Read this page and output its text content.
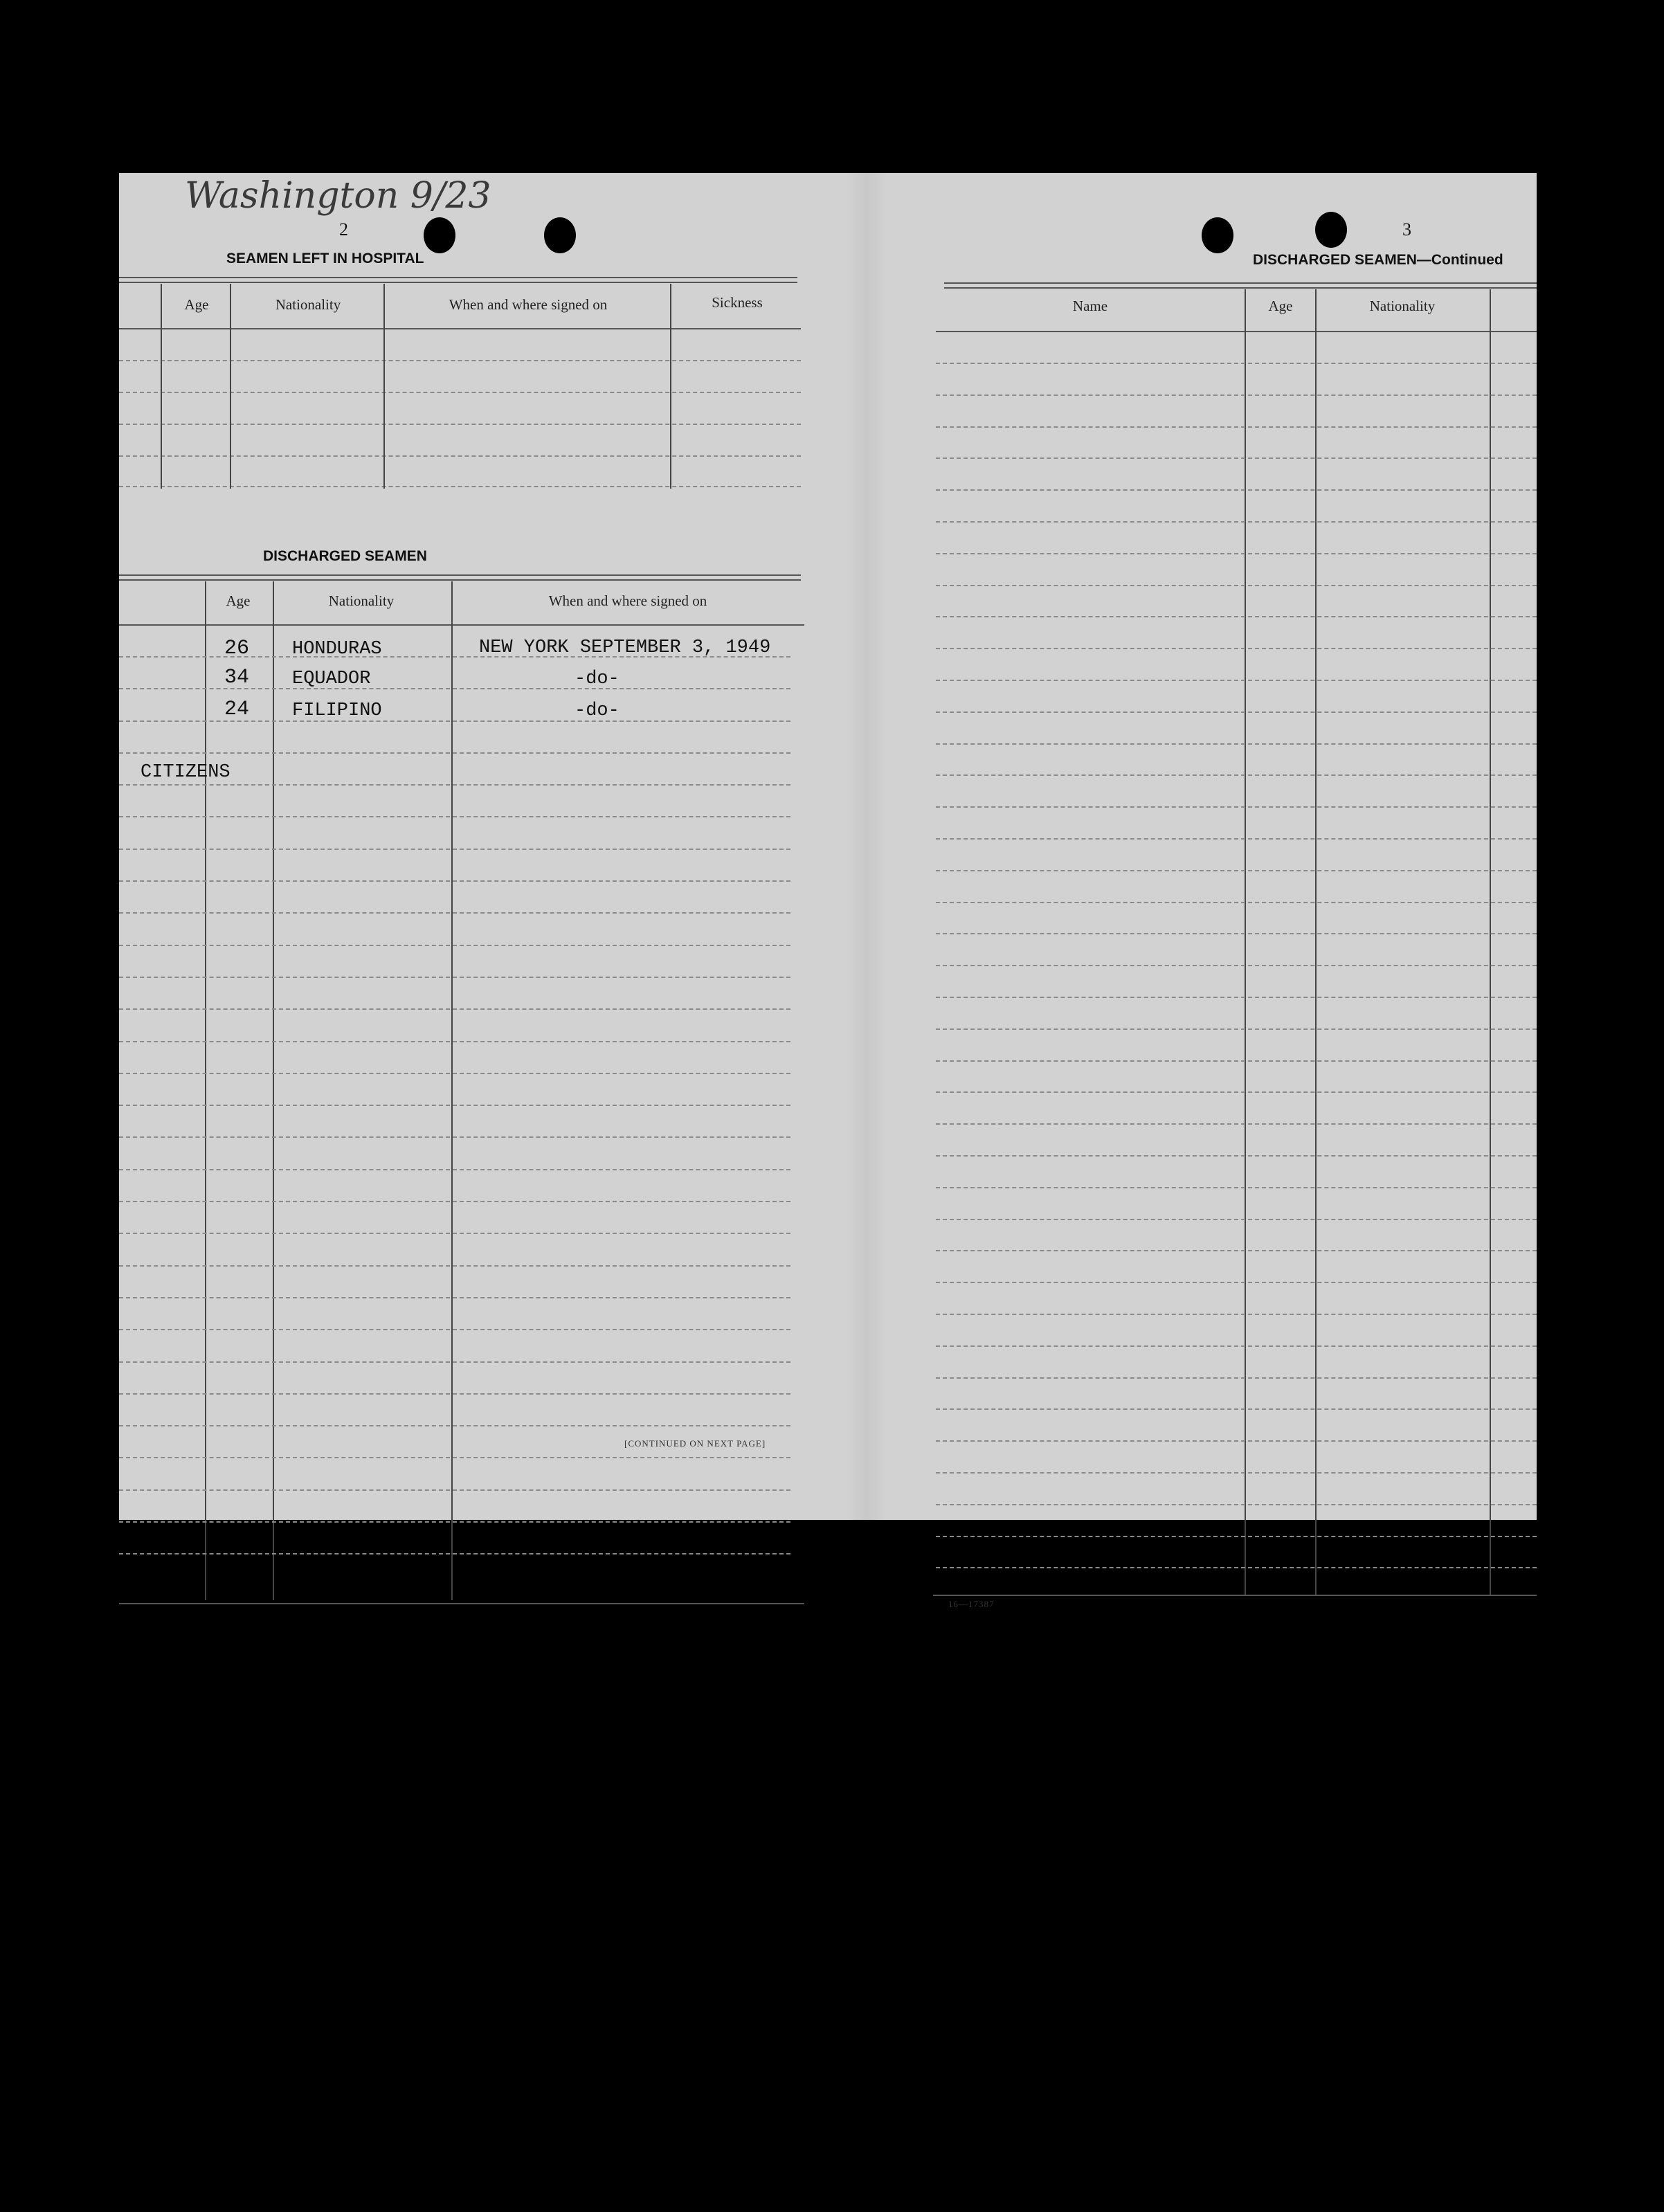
Washington 9/23
2
SEAMEN LEFT IN HOSPITAL
Age	Nationality	When and where signed on	Sickness
DISCHARGED SEAMEN
Age	Nationality	When and where signed on
26 HONDURAS	NEW YORK SEPTEMBER 3, 1949
34 EQUADOR	-do-
24 FILIPINO	-do-
CITIZENS
[CONTINUED ON NEXT PAGE]
3
DISCHARGED SEAMEN—Continued
Name	Age	Nationality
16—17387
